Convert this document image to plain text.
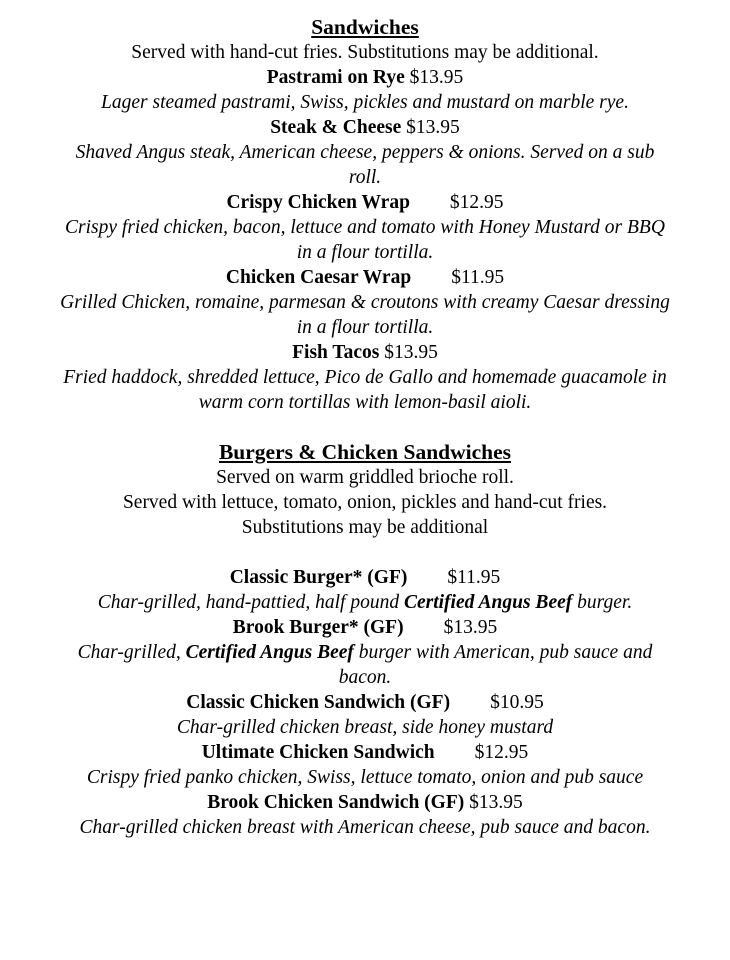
Sandwiches
Served with hand-cut fries. Substitutions may be additional.
Pastrami on Rye $13.95
Lager steamed pastrami, Swiss, pickles and mustard on marble rye.
Steak & Cheese $13.95
Shaved Angus steak, American cheese, peppers & onions. Served on a sub roll.
Crispy Chicken Wrap $12.95
Crispy fried chicken, bacon, lettuce and tomato with Honey Mustard or BBQ in a flour tortilla.
Chicken Caesar Wrap $11.95
Grilled Chicken, romaine, parmesan & croutons with creamy Caesar dressing in a flour tortilla.
Fish Tacos $13.95
Fried haddock, shredded lettuce, Pico de Gallo and homemade guacamole in warm corn tortillas with lemon-basil aioli.
Burgers & Chicken Sandwiches
Served on warm griddled brioche roll.
Served with lettuce, tomato, onion, pickles and hand-cut fries.
Substitutions may be additional
Classic Burger* (GF) $11.95
Char-grilled, hand-pattied, half pound Certified Angus Beef burger.
Brook Burger* (GF) $13.95
Char-grilled, Certified Angus Beef burger with American, pub sauce and bacon.
Classic Chicken Sandwich (GF) $10.95
Char-grilled chicken breast, side honey mustard
Ultimate Chicken Sandwich $12.95
Crispy fried panko chicken, Swiss, lettuce tomato, onion and pub sauce
Brook Chicken Sandwich (GF) $13.95
Char-grilled chicken breast with American cheese, pub sauce and bacon.
